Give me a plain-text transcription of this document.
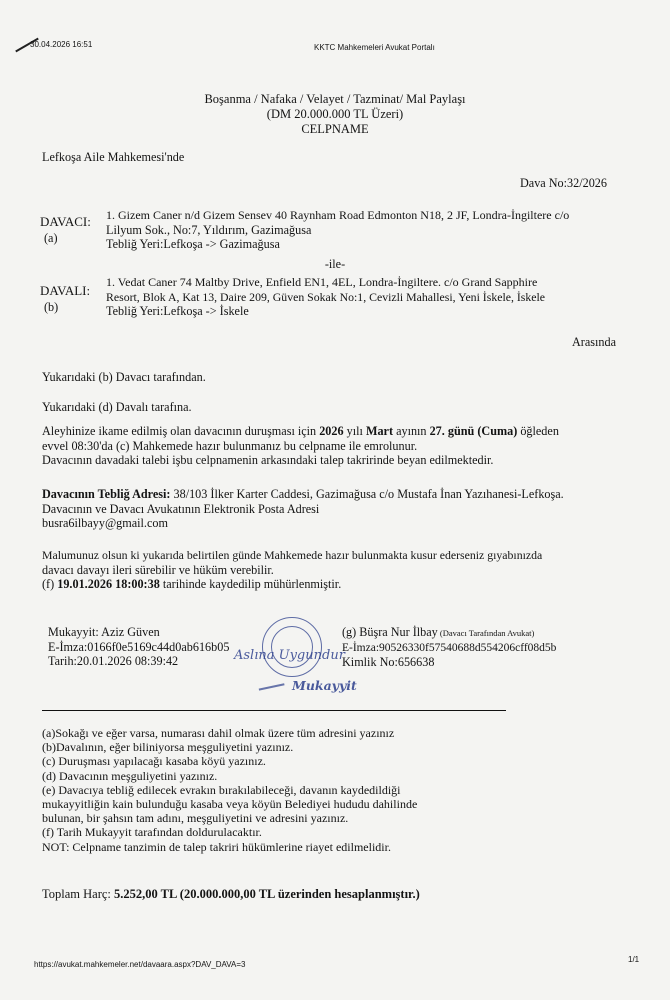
30.04.2026 16:51	KKTC Mahkemeleri Avukat Portalı
Boşanma / Nafaka / Velayet / Tazminat/ Mal Paylaşı
(DM 20.000.000 TL Üzeri)
CELPNAME
Lefkoşa Aile Mahkemesi'nde
Dava No:32/2026
DAVACI:
(a)
1. Gizem Caner n/d Gizem Sensev 40 Raynham Road Edmonton N18, 2 JF, Londra-İngiltere c/o
Lilyum Sok., No:7, Yıldırım, Gazimağusa
Tebliğ Yeri:Lefkoşa -> Gazimağusa
-ile-
DAVALI:
(b)
1. Vedat Caner 74 Maltby Drive, Enfield EN1, 4EL, Londra-İngiltere. c/o Grand Sapphire
Resort, Blok A, Kat 13, Daire 209, Güven Sokak No:1, Cevizli Mahallesi, Yeni İskele, İskele
Tebliğ Yeri:Lefkoşa -> İskele
Arasında
Yukarıdaki (b) Davacı tarafından.
Yukarıdaki (d) Davalı tarafına.
Aleyhinize ikame edilmiş olan davacının duruşması için 2026 yılı Mart ayının 27. günü (Cuma) öğleden
evvel 08:30'da (c) Mahkemede hazır bulunmanız bu celpname ile emrolunur.
Davacının davadaki talebi işbu celpnamenin arkasındaki talep takririnde beyan edilmektedir.
Davacının Tebliğ Adresi: 38/103 İlker Karter Caddesi, Gazimağusa c/o Mustafa İnan Yazıhanesi-Lefkoşa.
Davacının ve Davacı Avukatının Elektronik Posta Adresi
busra6ilbayy@gmail.com
Malumunuz olsun ki yukarıda belirtilen günde Mahkemede hazır bulunmakta kusur ederseniz gıyabınızda
davacı davayı ileri sürebilir ve hüküm verebilir.
(f) 19.01.2026 18:00:38 tarihinde kaydedilip mühürlenmiştir.
Mukayyit: Aziz Güven
E-İmza:0166f0e5169c44d0ab616b05
Tarih:20.01.2026 08:39:42	Aslına Uygundur
Mukayyit
(g) Büşra Nur İlbay (Davacı Tarafından Avukat)
E-İmza:90526330f57540688d554206cff08d5b
Kimlik No:656638
(a)Sokağı ve eğer varsa, numarası dahil olmak üzere tüm adresini yazınız
(b)Davalının, eğer biliniyorsa meşguliyetini yazınız.
(c) Duruşması yapılacağı kasaba köyü yazınız.
(d) Davacının meşguliyetini yazınız.
(e) Davacıya tebliğ edilecek evrakın bırakılabileceği, davanın kaydedildiği
mukayyitliğin kain bulunduğu kasaba veya köyün Belediyei hududu dahilinde
bulunan, bir şahsın tam adını, meşguliyetini ve adresini yazınız.
(f) Tarih Mukayyit tarafından doldurulacaktır.
NOT: Celpname tanzimin de talep takriri hükümlerine riayet edilmelidir.
Toplam Harç: 5.252,00 TL (20.000.000,00 TL üzerinden hesaplanmıştır.)
https://avukat.mahkemeler.net/davaara.aspx?DAV_DAVA=3
1/1
